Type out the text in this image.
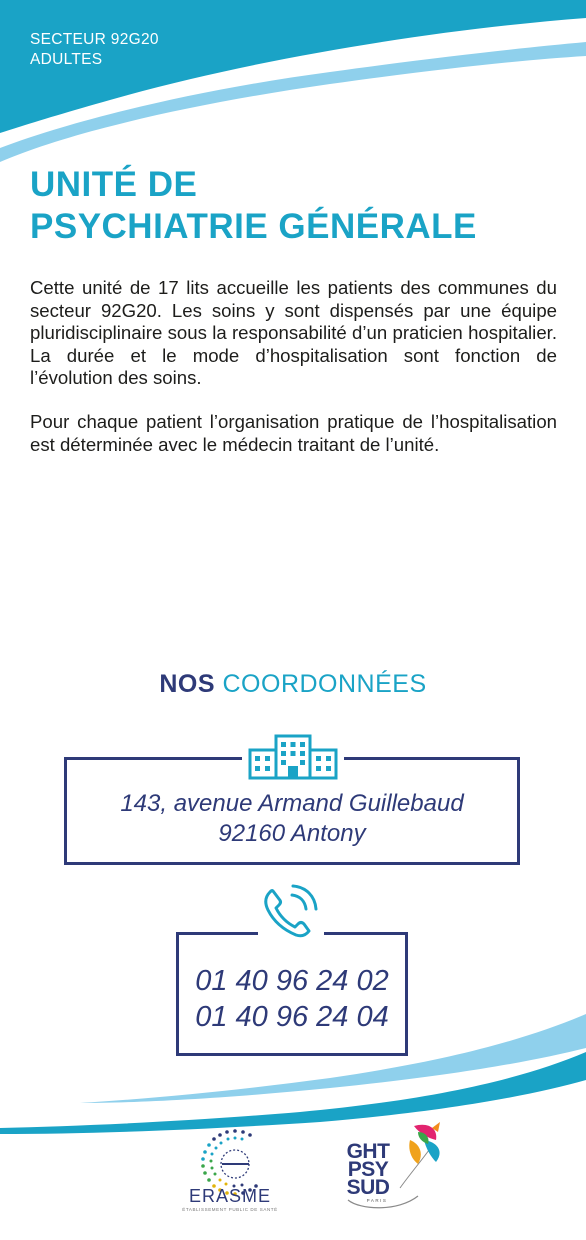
SECTEUR 92G20
ADULTES
UNITÉ DE
PSYCHIATRIE GÉNÉRALE
Cette unité de 17 lits accueille les patients des communes du secteur 92G20. Les soins y sont dispensés par une équipe pluridisciplinaire sous la responsabilité d’un praticien hospitalier. La durée et le mode d’hospitalisation sont fonction de l’évolution des soins.
Pour chaque patient l’organisation pratique de l’hospitalisation est déterminée avec le médecin traitant de l’unité.
NOS COORDONNÉES
143, avenue Armand Guillebaud
92160 Antony
01 40 96 24 02
01 40 96 24 04
ERASME
ÉTABLISSEMENT PUBLIC DE SANTÉ
GHT
PSY
SUD
PARIS
